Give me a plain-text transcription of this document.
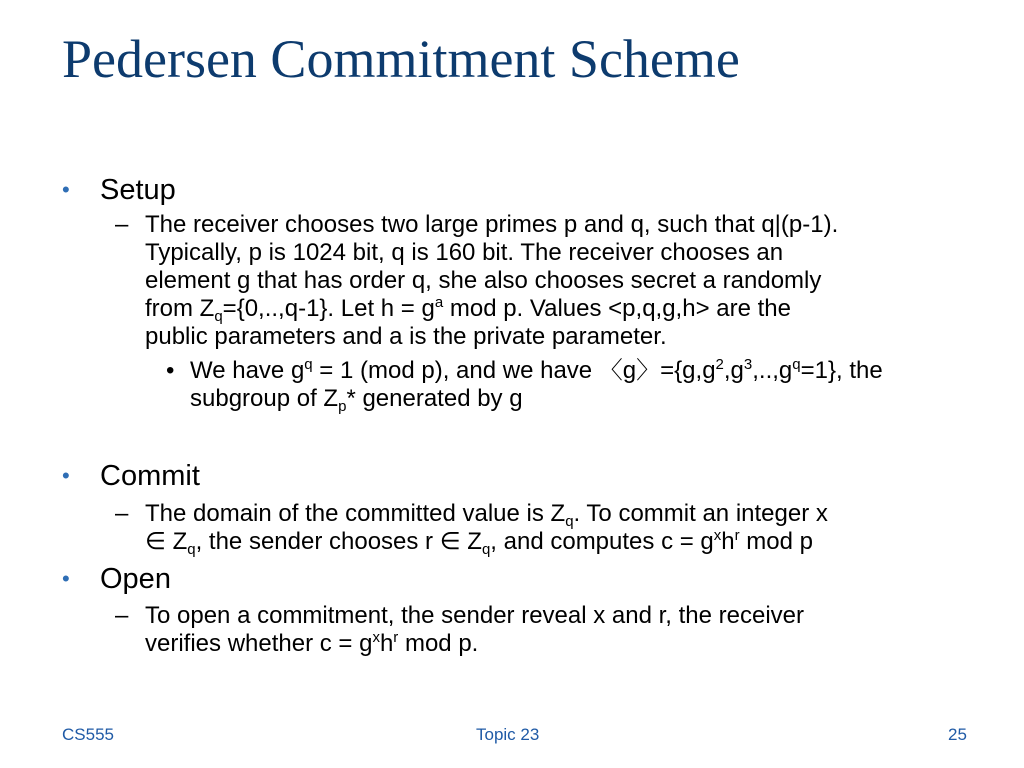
Pedersen Commitment Scheme
• Setup
– The receiver chooses two large primes p and q, such that q|(p-1).
Typically, p is 1024 bit, q is 160 bit. The receiver chooses an
element g that has order q, she also chooses secret a randomly
from $Z_q=\{0,..,q-1\}$. Let $h = g^a$ mod p. Values <p,q,g,h> are the
public parameters and a is the private parameter.
• We have $g^q = 1$ (mod p), and we have $〈g〉=\{g,g^2,g^3,..,g^q=1\}$, the
subgroup of $Z_p*$ generated by g
• Commit
– The domain of the committed value is $Z_q$. To commit an integer x
∈ $Z_q$, the sender chooses r ∈ $Z_q$, and computes $c = g^xh^r$ mod p
• Open
– To open a commitment, the sender reveal x and r, the receiver
verifies whether $c = g^xh^r$ mod p.
CS555	Topic 23	25
